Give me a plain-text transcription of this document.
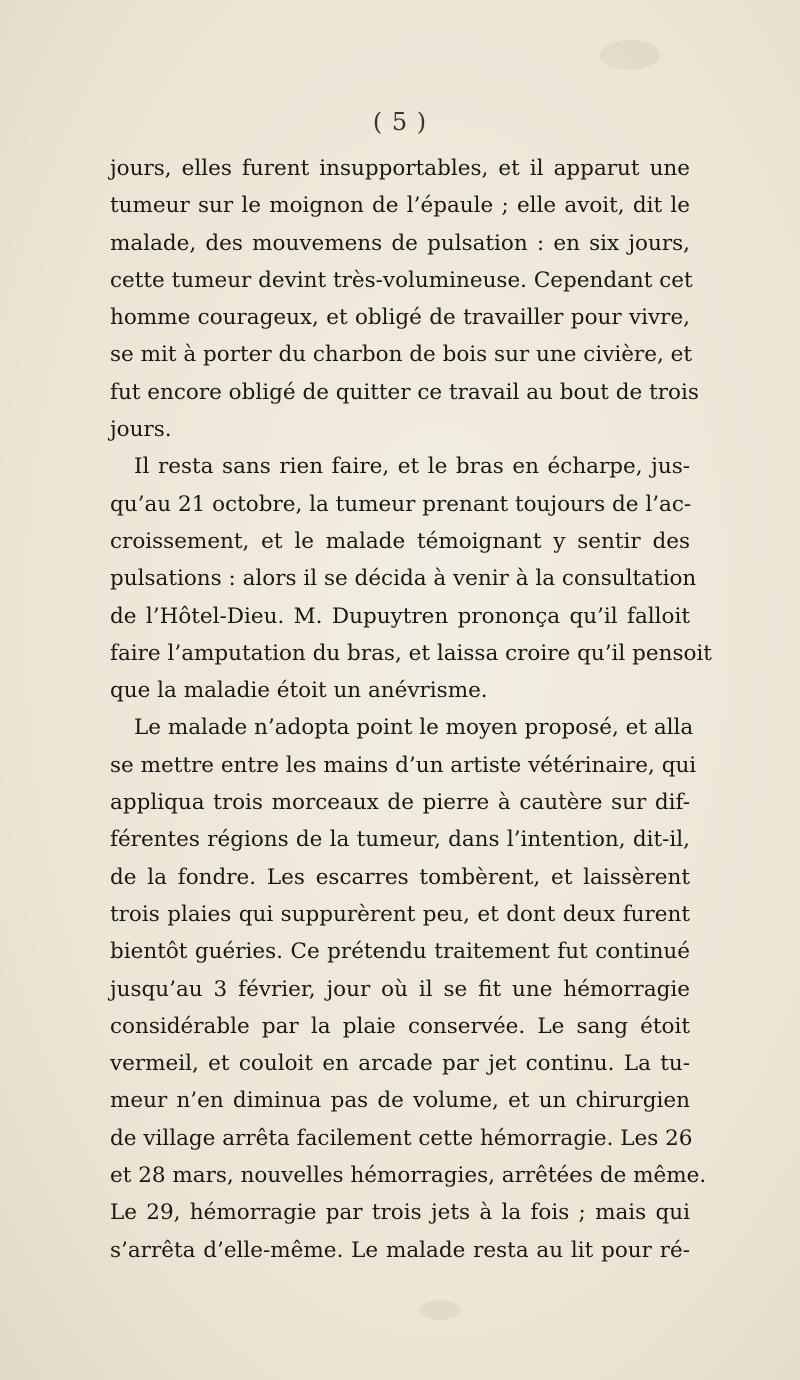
( 5 )
jours, elles furent insupportables, et il apparut une
tumeur sur le moignon de l’épaule ; elle avoit, dit le
malade, des mouvemens de pulsation : en six jours,
cette tumeur devint très-volumineuse. Cependant cet
homme courageux, et obligé de travailler pour vivre,
se mit à porter du charbon de bois sur une civière, et
fut encore obligé de quitter ce travail au bout de trois
jours.
Il resta sans rien faire, et le bras en écharpe, jus-
qu’au 21 octobre, la tumeur prenant toujours de l’ac-
croissement, et le malade témoignant y sentir des
pulsations : alors il se décida à venir à la consultation
de l’Hôtel-Dieu. M. Dupuytren prononça qu’il falloit
faire l’amputation du bras, et laissa croire qu’il pensoit
que la maladie étoit un anévrisme.
Le malade n’adopta point le moyen proposé, et alla
se mettre entre les mains d’un artiste vétérinaire, qui
appliqua trois morceaux de pierre à cautère sur dif-
férentes régions de la tumeur, dans l’intention, dit-il,
de la fondre. Les escarres tombèrent, et laissèrent
trois plaies qui suppurèrent peu, et dont deux furent
bientôt guéries. Ce prétendu traitement fut continué
jusqu’au 3 février, jour où il se fit une hémorragie
considérable par la plaie conservée. Le sang étoit
vermeil, et couloit en arcade par jet continu. La tu-
meur n’en diminua pas de volume, et un chirurgien
de village arrêta facilement cette hémorragie. Les 26
et 28 mars, nouvelles hémorragies, arrêtées de même.
Le 29, hémorragie par trois jets à la fois ; mais qui
s’arrêta d’elle-même. Le malade resta au lit pour ré-
